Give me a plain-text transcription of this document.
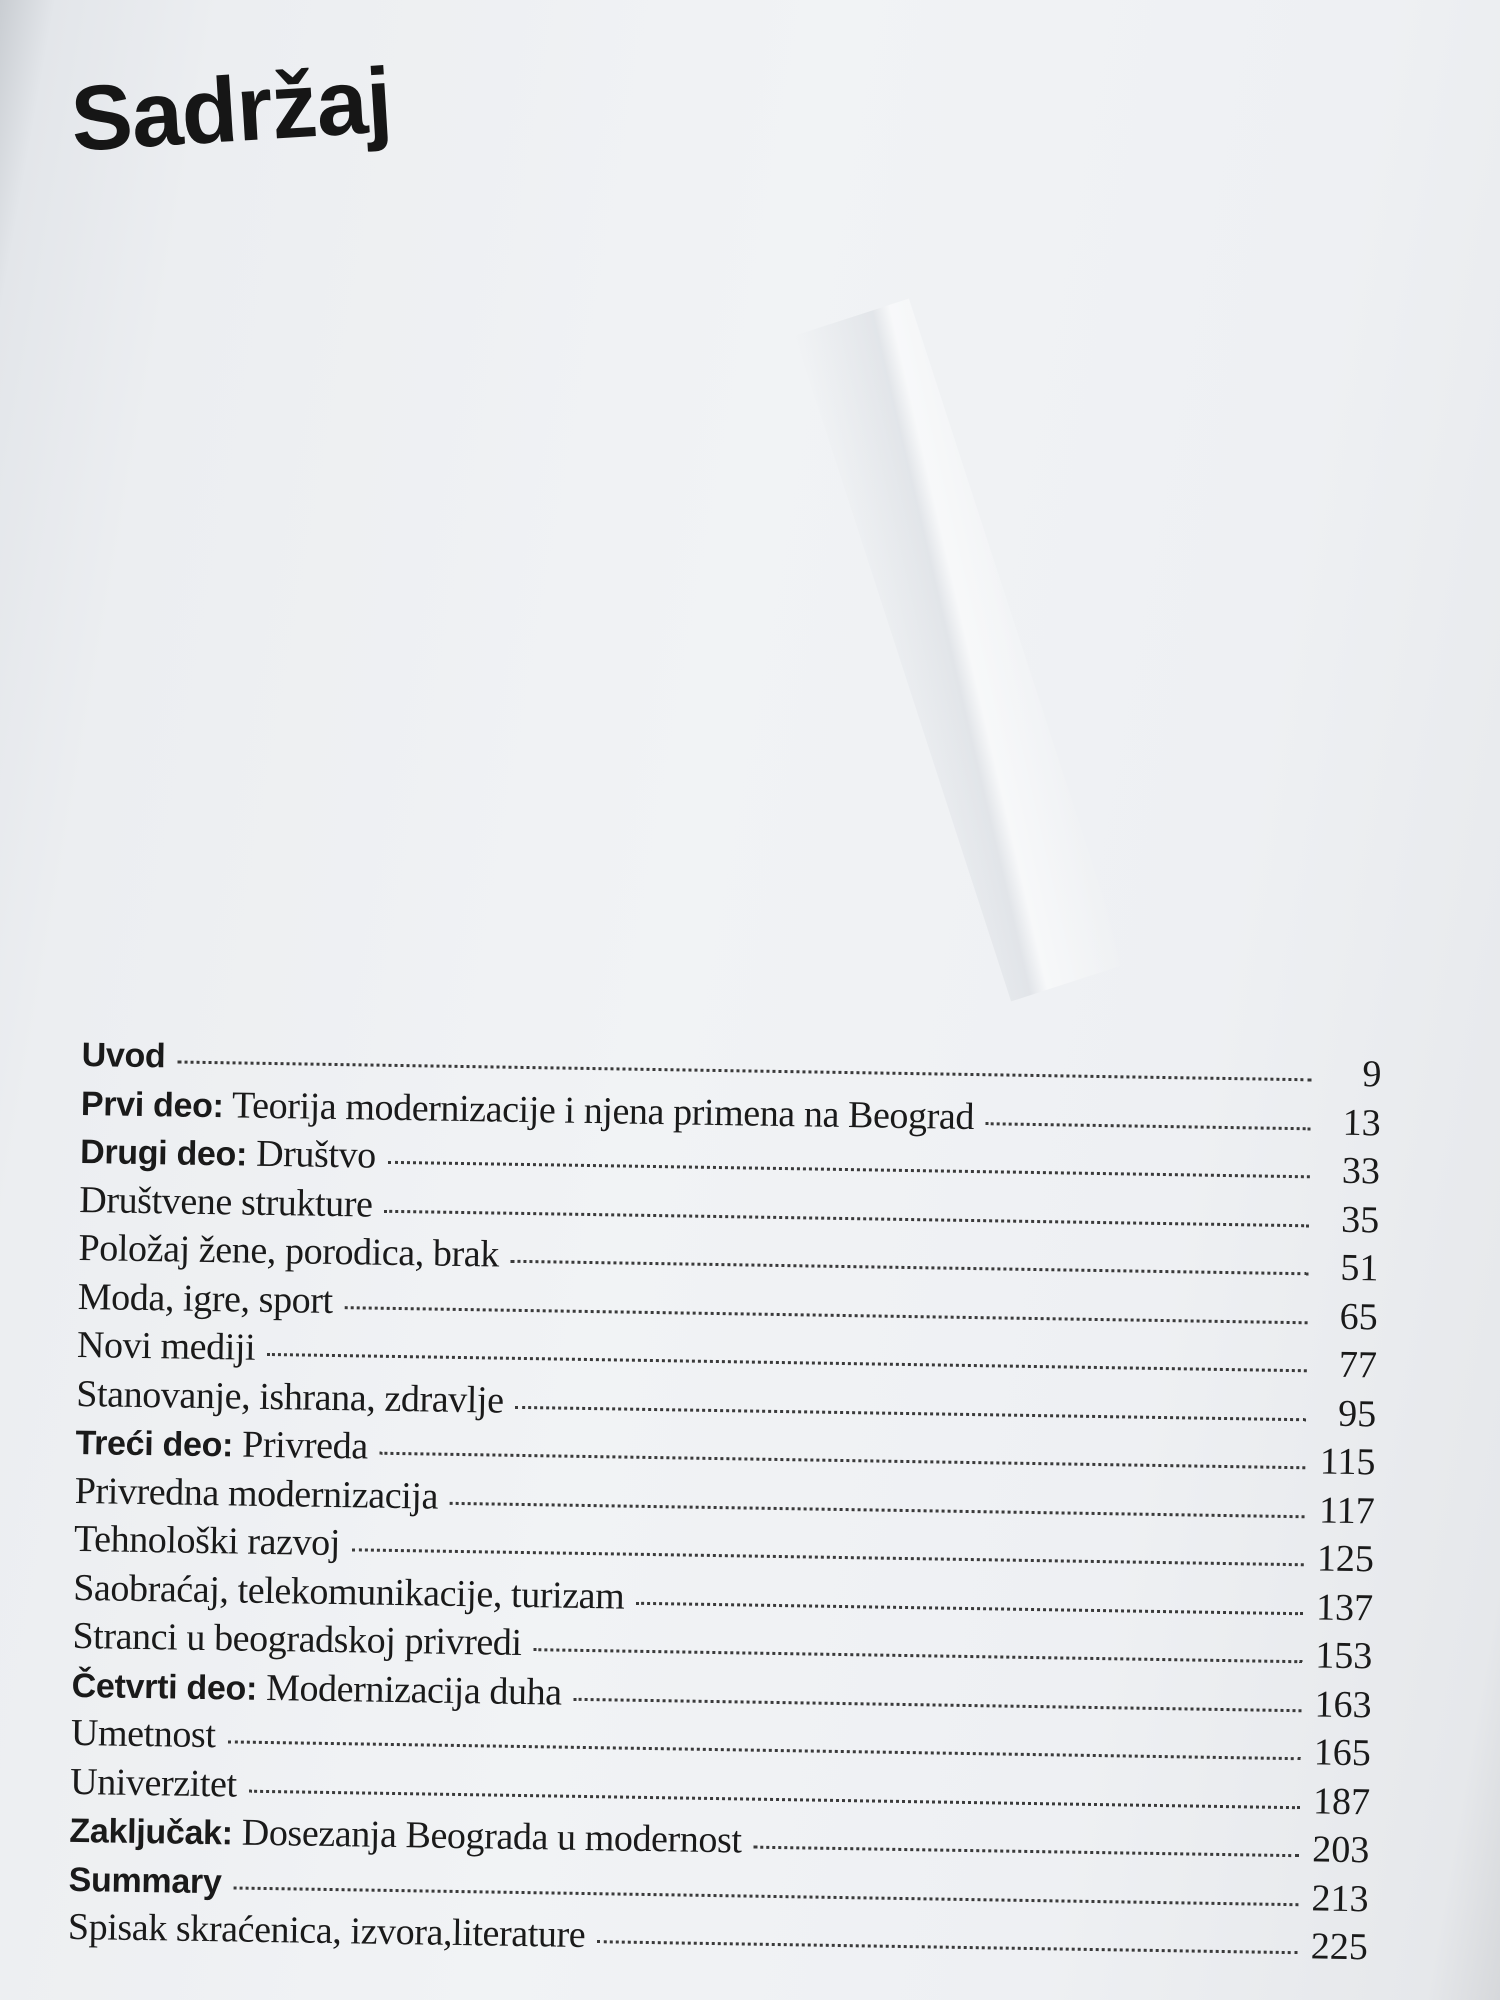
Sadržaj
Uvod	9
Prvi deo: Teorija modernizacije i njena primena na Beograd	13
Drugi deo: Društvo	33
Društvene strukture	35
Položaj žene, porodica, brak	51
Moda, igre, sport	65
Novi mediji	77
Stanovanje, ishrana, zdravlje	95
Treći deo: Privreda	115
Privredna modernizacija	117
Tehnološki razvoj	125
Saobraćaj, telekomunikacije, turizam	137
Stranci u beogradskoj privredi	153
Četvrti deo: Modernizacija duha	163
Umetnost	165
Univerzitet	187
Zaključak: Dosezanja Beograda u modernost	203
Summary	213
Spisak skraćenica, izvora,literature	225
